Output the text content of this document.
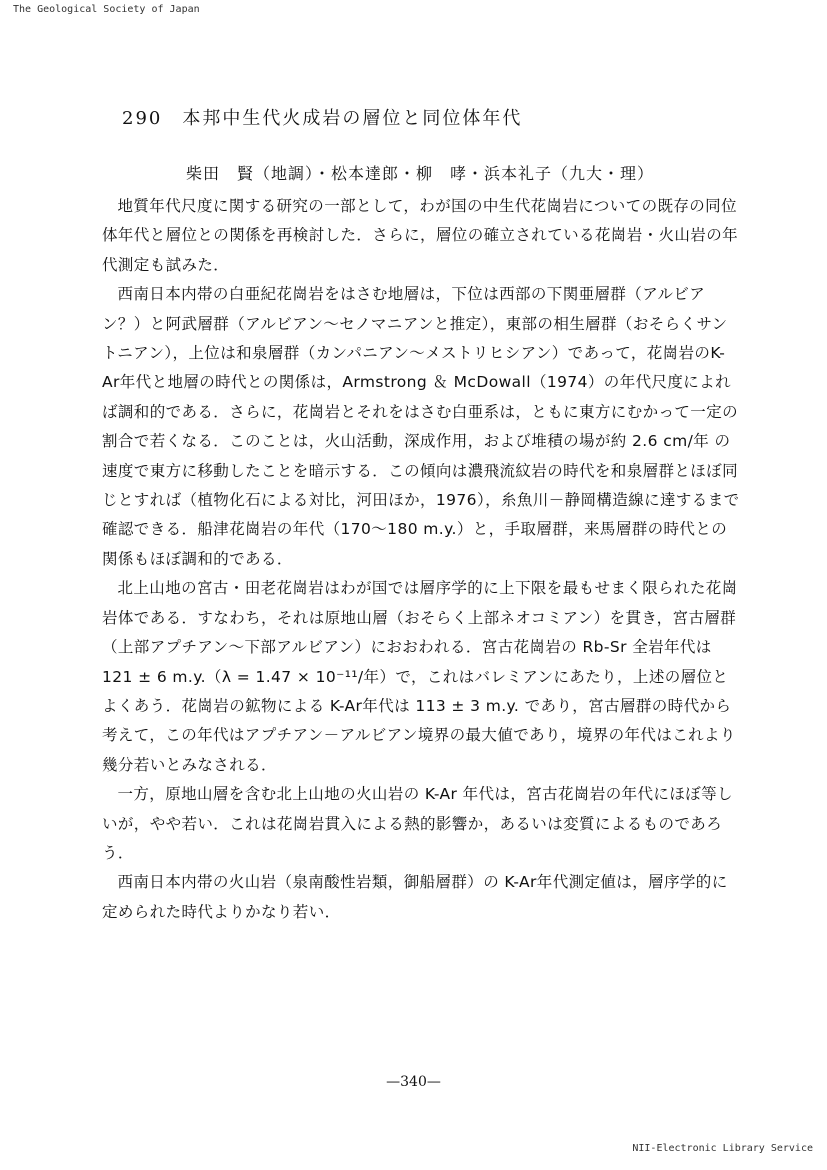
The Geological Society of Japan
290　本邦中生代火成岩の層位と同位体年代
柴田　賢（地調）・松本達郎・柳　哮・浜本礼子（九大・理）

地質年代尺度に関する研究の一部として，わが国の中生代花崗岩についての既存の同位体年代と層位との関係を再検討した．さらに，層位の確立されている花崗岩・火山岩の年代測定も試みた．

西南日本内帯の白亜紀花崗岩をはさむ地層は，下位は西部の下関亜層群（アルビアン？）と阿武層群（アルビアン～セノマニアンと推定），東部の相生層群（おそらくサントニアン），上位は和泉層群（カンパニアン～メストリヒシアン）であって，花崗岩のK-Ar年代と地層の時代との関係は，Armstrong ＆ McDowall（1974）の年代尺度によれば調和的である．さらに，花崗岩とそれをはさむ白亜系は，ともに東方にむかって一定の割合で若くなる．このことは，火山活動，深成作用，および堆積の場が約 2.6 cm/年 の速度で東方に移動したことを暗示する．この傾向は濃飛流紋岩の時代を和泉層群とほぼ同じとすれば（植物化石による対比，河田ほか，1976），糸魚川－静岡構造線に達するまで確認できる．船津花崗岩の年代（170～180 m.y.）と，手取層群，来馬層群の時代との関係もほぼ調和的である．

北上山地の宮古・田老花崗岩はわが国では層序学的に上下限を最もせまく限られた花崗岩体である．すなわち，それは原地山層（おそらく上部ネオコミアン）を貫き，宮古層群（上部アプチアン～下部アルビアン）におおわれる．宮古花崗岩の Rb-Sr 全岩年代は 121 ± 6 m.y.（λ = 1.47 × 10⁻¹¹/年）で，これはバレミアンにあたり，上述の層位とよくあう．花崗岩の鉱物による K-Ar年代は 113 ± 3 m.y. であり，宮古層群の時代から考えて，この年代はアプチアン－アルビアン境界の最大値であり，境界の年代はこれより幾分若いとみなされる．

一方，原地山層を含む北上山地の火山岩の K-Ar 年代は，宮古花崗岩の年代にほぼ等しいが，やや若い．これは花崗岩貫入による熱的影響か，あるいは変質によるものであろう．

西南日本内帯の火山岩（泉南酸性岩類，御船層群）の K-Ar年代測定値は，層序学的に定められた時代よりかなり若い．

—340—
NII-Electronic Library Service
